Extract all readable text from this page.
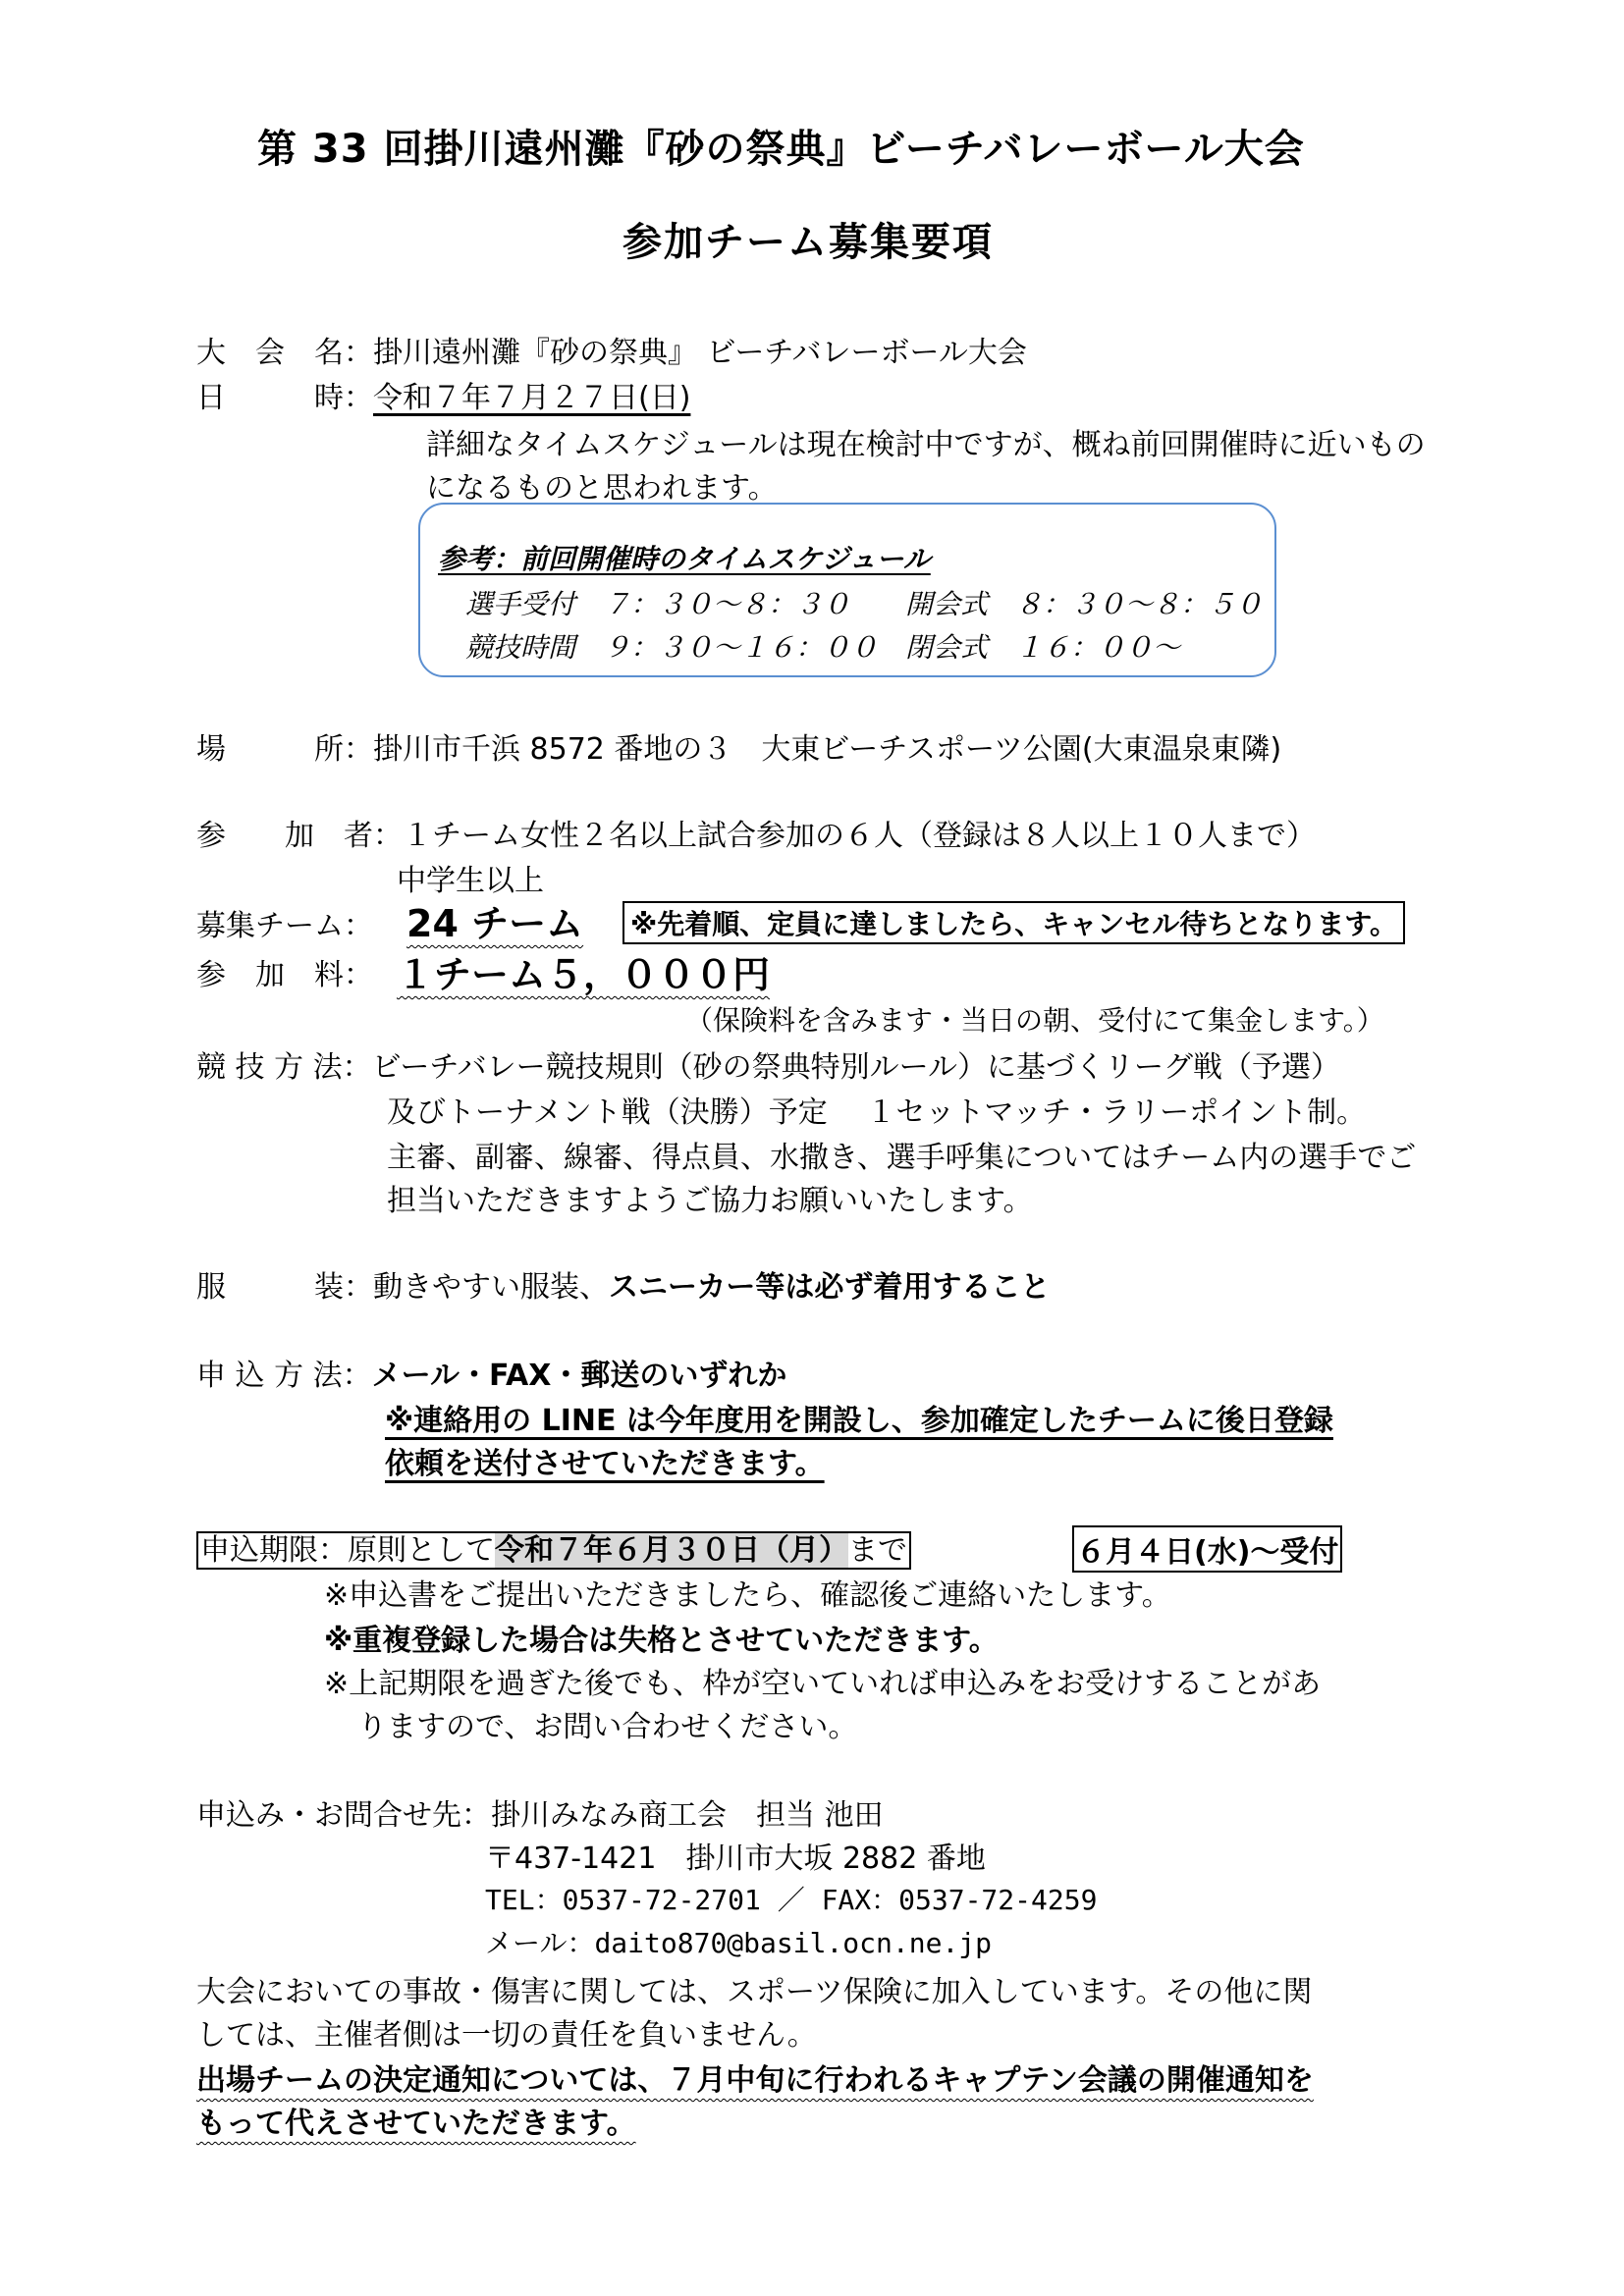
第 33 回掛川遠州灘『砂の祭典』ビーチバレーボール大会
参加チーム募集要項
大　会　名：掛川遠州灘『砂の祭典』 ビーチバレーボール大会
日　　　時：令和７年７月２７日(日)
詳細なタイムスケジュールは現在検討中ですが、概ね前回開催時に近いもの
になるものと思われます。
参考：前回開催時のタイムスケジュール
選手受付　７：３０～８：３０　　開会式　８：３０～８：５０
競技時間　９：３０～１６：００　閉会式　１６：００～
場　　　所：掛川市千浜 8572 番地の３　大東ビーチスポーツ公園(大東温泉東隣)
参　　加　者：１チーム女性２名以上試合参加の６人（登録は８人以上１０人まで）
中学生以上
募集チーム： 24 チーム ※先着順、定員に達しましたら、キャンセル待ちとなります。
参　加　料： １チーム５，０００円
（保険料を含みます・当日の朝、受付にて集金します。）
競 技 方 法：ビーチバレー競技規則（砂の祭典特別ルール）に基づくリーグ戦（予選）
及びトーナメント戦（決勝）予定　 １セットマッチ・ラリーポイント制。
主審、副審、線審、得点員、水撒き、選手呼集についてはチーム内の選手でご
担当いただきますようご協力お願いいたします。
服　　　装：動きやすい服装、スニーカー等は必ず着用すること
申 込 方 法：メール・FAX・郵送のいずれか
※連絡用の LINE は今年度用を開設し、参加確定したチームに後日登録
依頼を送付させていただきます。
申込期限：原則として令和７年６月３０日（月）まで	６月４日(水)～受付
※申込書をご提出いただきましたら、確認後ご連絡いたします。
※重複登録した場合は失格とさせていただきます。
※上記期限を過ぎた後でも、枠が空いていれば申込みをお受けすることがあ
りますので、お問い合わせください。
申込み・お問合せ先：掛川みなみ商工会　担当 池田
〒437-1421　掛川市大坂 2882 番地
TEL：0537-72-2701 ／ FAX：0537-72-4259
メール：daito870@basil.ocn.ne.jp
大会においての事故・傷害に関しては、スポーツ保険に加入しています。その他に関
しては、主催者側は一切の責任を負いません。
出場チームの決定通知については、７月中旬に行われるキャプテン会議の開催通知を
もって代えさせていただきます。
